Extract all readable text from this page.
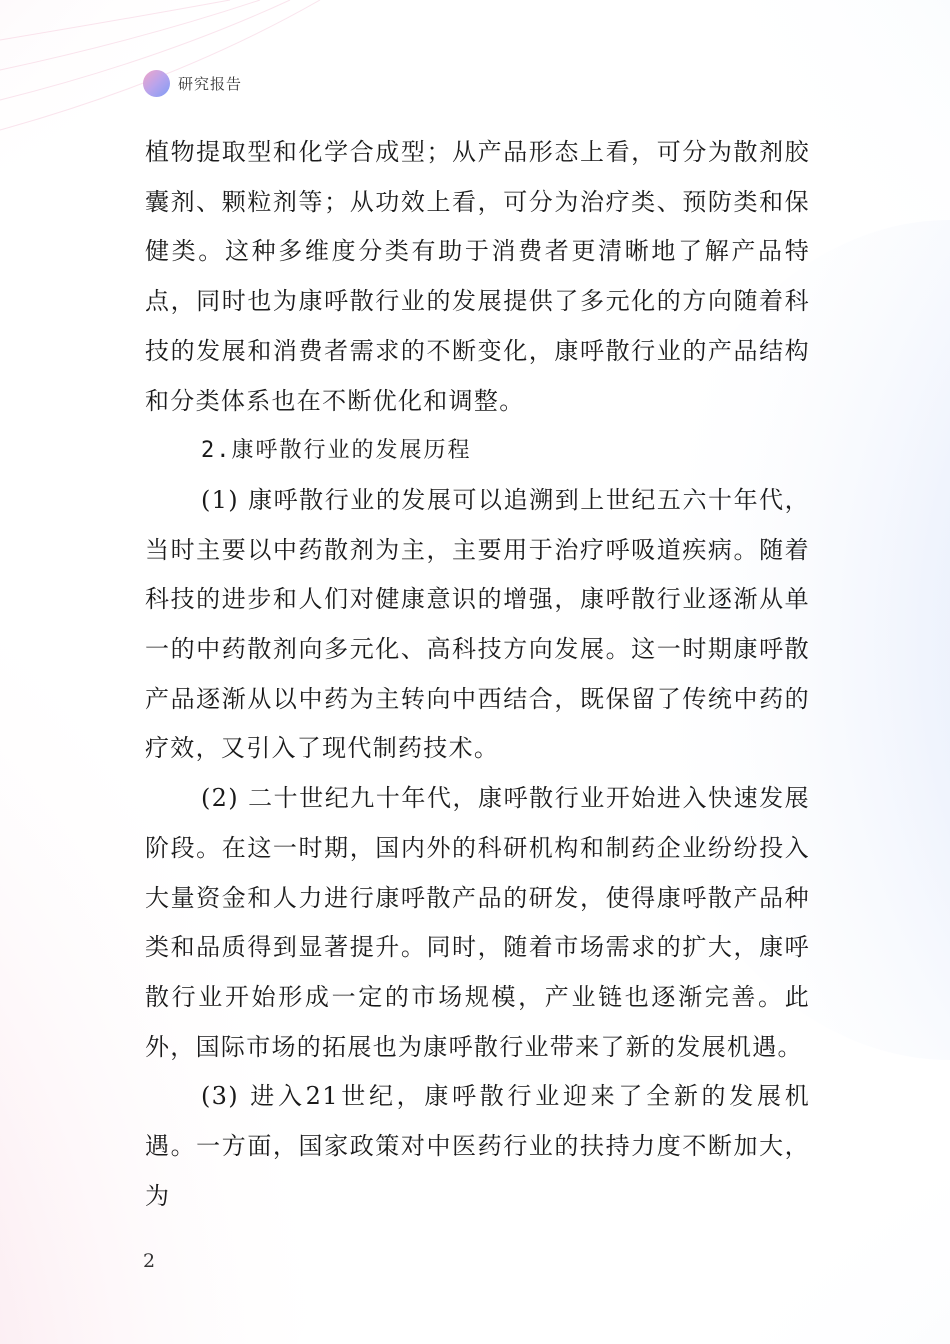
研究报告

植物提取型和化学合成型；从产品形态上看，可分为散剂胶囊剂、颗粒剂等；从功效上看，可分为治疗类、预防类和保健类。这种多维度分类有助于消费者更清晰地了解产品特点，同时也为康呼散行业的发展提供了多元化的方向随着科技的发展和消费者需求的不断变化，康呼散行业的产品结构和分类体系也在不断优化和调整。

2.康呼散行业的发展历程

(1) 康呼散行业的发展可以追溯到上世纪五六十年代，当时主要以中药散剂为主，主要用于治疗呼吸道疾病。随着科技的进步和人们对健康意识的增强，康呼散行业逐渐从单一的中药散剂向多元化、高科技方向发展。这一时期康呼散产品逐渐从以中药为主转向中西结合，既保留了传统中药的疗效，又引入了现代制药技术。

(2) 二十世纪九十年代，康呼散行业开始进入快速发展阶段。在这一时期，国内外的科研机构和制药企业纷纷投入大量资金和人力进行康呼散产品的研发，使得康呼散产品种类和品质得到显著提升。同时，随着市场需求的扩大，康呼散行业开始形成一定的市场规模，产业链也逐渐完善。此外，国际市场的拓展也为康呼散行业带来了新的发展机遇。

(3) 进入21世纪，康呼散行业迎来了全新的发展机遇。一方面，国家政策对中医药行业的扶持力度不断加大，为

2
